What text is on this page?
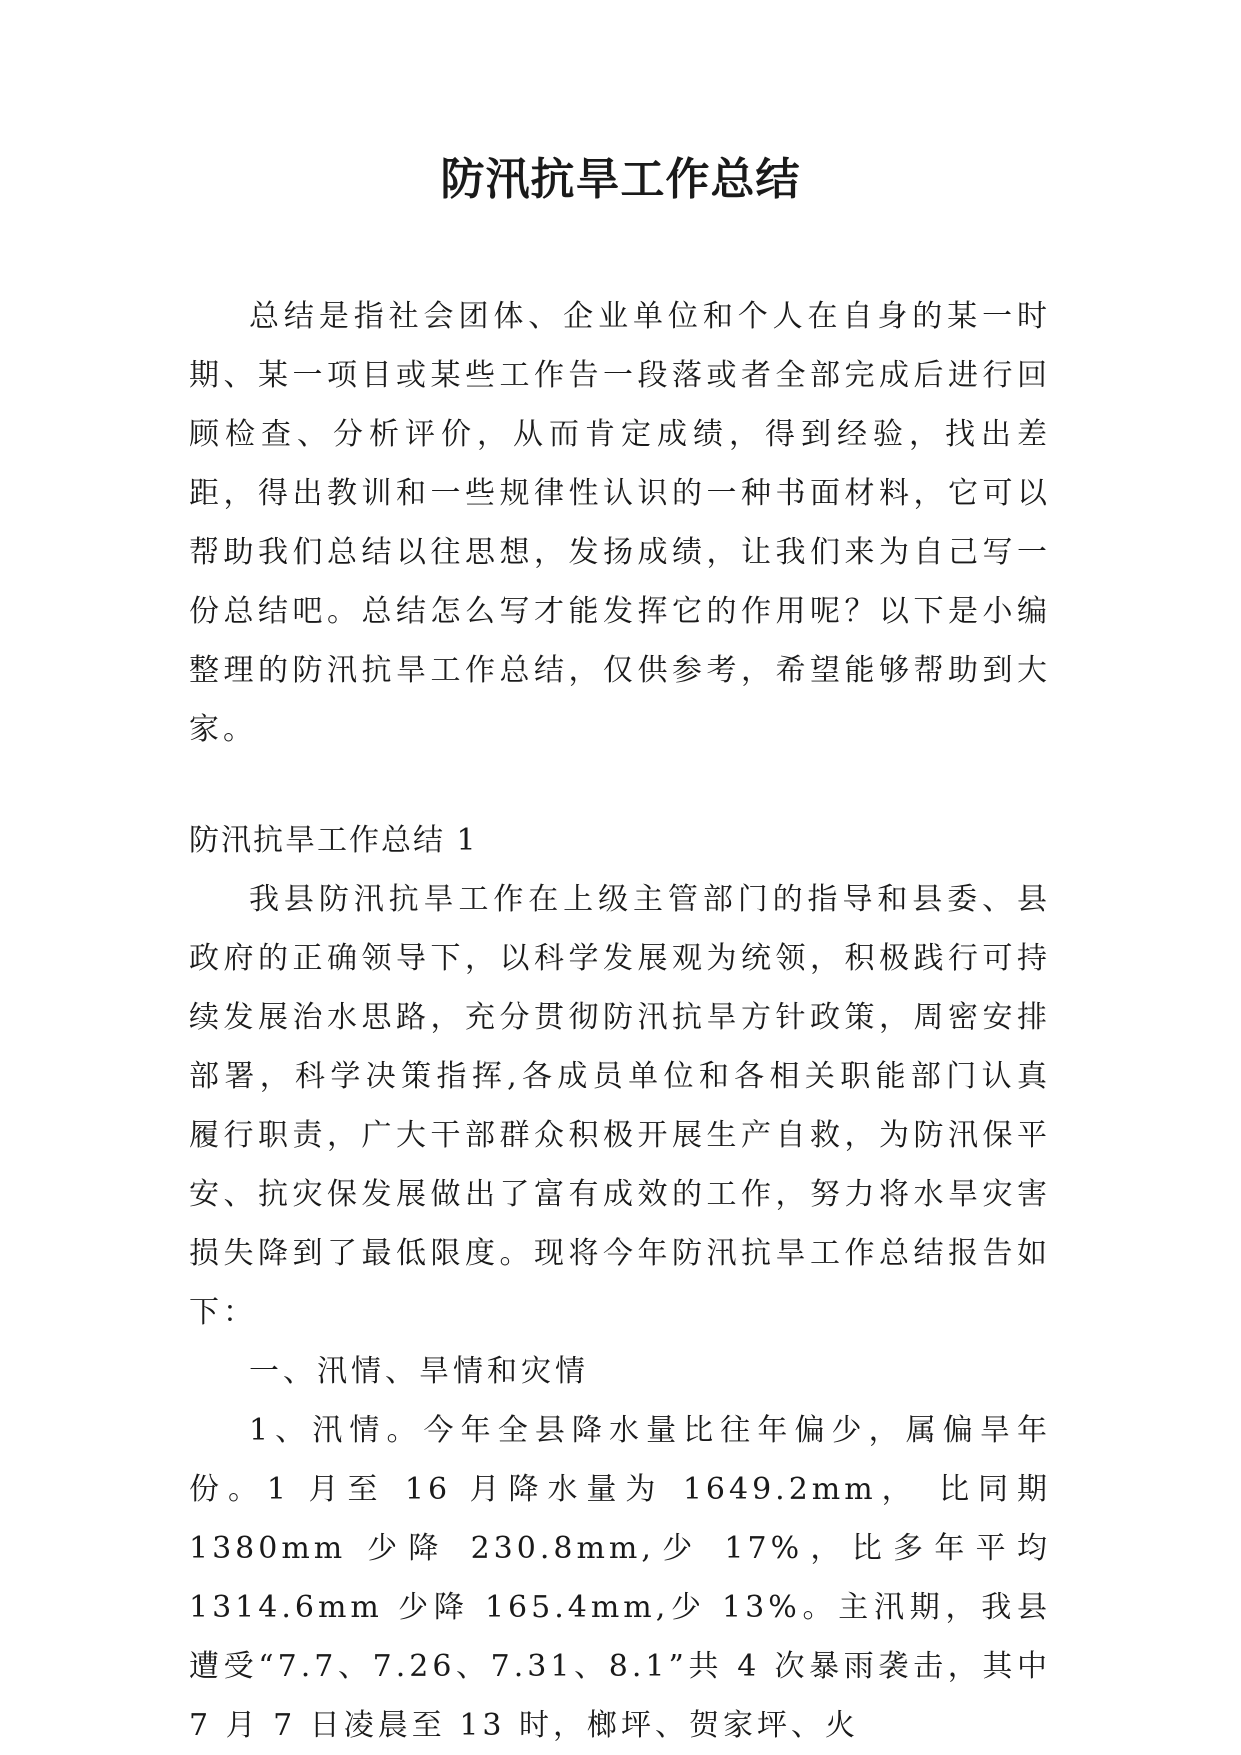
防汛抗旱工作总结

总结是指社会团体、企业单位和个人在自身的某一时期、某一项目或某些工作告一段落或者全部完成后进行回顾检查、分析评价，从而肯定成绩，得到经验，找出差距，得出教训和一些规律性认识的一种书面材料，它可以帮助我们总结以往思想，发扬成绩，让我们来为自己写一份总结吧。总结怎么写才能发挥它的作用呢？以下是小编整理的防汛抗旱工作总结，仅供参考，希望能够帮助到大家。

防汛抗旱工作总结 1

我县防汛抗旱工作在上级主管部门的指导和县委、县政府的正确领导下，以科学发展观为统领，积极践行可持续发展治水思路，充分贯彻防汛抗旱方针政策，周密安排部署，科学决策指挥,各成员单位和各相关职能部门认真履行职责，广大干部群众积极开展生产自救，为防汛保平安、抗灾保发展做出了富有成效的工作，努力将水旱灾害损失降到了最低限度。现将今年防汛抗旱工作总结报告如下：

一、汛情、旱情和灾情

1、汛情。今年全县降水量比往年偏少，属偏旱年份。1 月至 16 月降水量为 1649.2mm， 比同期 1380mm 少降 230.8mm,少 17%，比多年平均 1314.6mm 少降 165.4mm,少 13%。主汛期，我县遭受“7.7、7.26、7.31、8.1”共 4 次暴雨袭击，其中 7 月 7 日凌晨至 13 时，榔坪、贺家坪、火
